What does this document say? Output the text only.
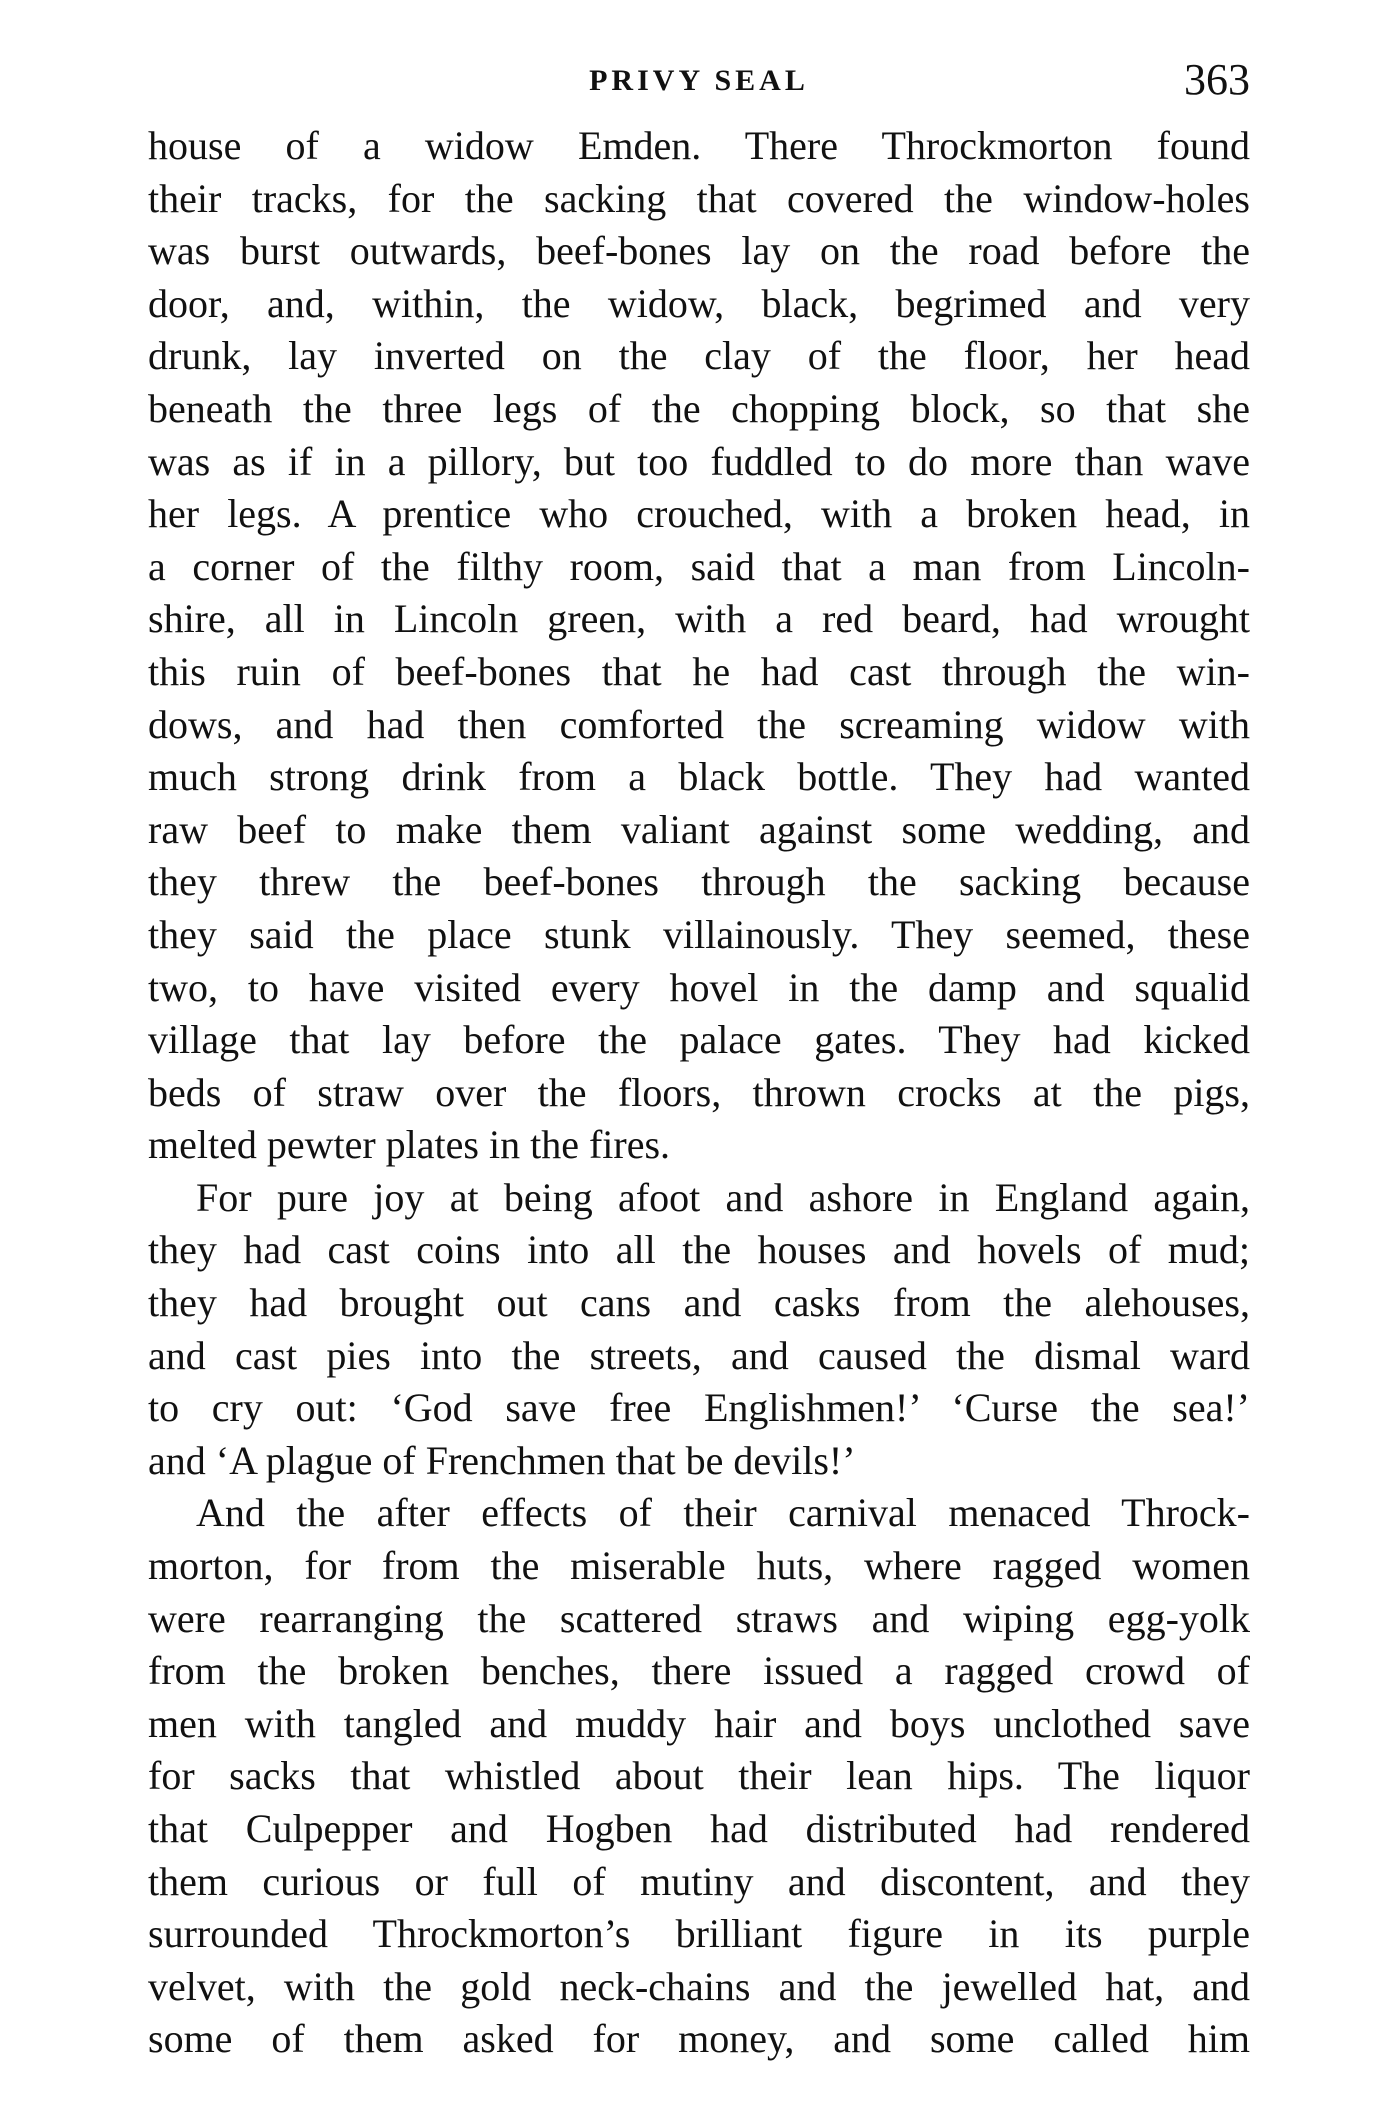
PRIVY SEAL	363
house of a widow Emden. There Throckmorton found
their tracks, for the sacking that covered the window-holes
was burst outwards, beef-bones lay on the road before the
door, and, within, the widow, black, begrimed and very
drunk, lay inverted on the clay of the floor, her head
beneath the three legs of the chopping block, so that she
was as if in a pillory, but too fuddled to do more than wave
her legs. A prentice who crouched, with a broken head, in
a corner of the filthy room, said that a man from Lincoln-
shire, all in Lincoln green, with a red beard, had wrought
this ruin of beef-bones that he had cast through the win-
dows, and had then comforted the screaming widow with
much strong drink from a black bottle. They had wanted
raw beef to make them valiant against some wedding, and
they threw the beef-bones through the sacking because
they said the place stunk villainously. They seemed, these
two, to have visited every hovel in the damp and squalid
village that lay before the palace gates. They had kicked
beds of straw over the floors, thrown crocks at the pigs,
melted pewter plates in the fires.
For pure joy at being afoot and ashore in England again,
they had cast coins into all the houses and hovels of mud;
they had brought out cans and casks from the alehouses,
and cast pies into the streets, and caused the dismal ward
to cry out: ‘God save free Englishmen!’ ‘Curse the sea!’
and ‘A plague of Frenchmen that be devils!’
And the after effects of their carnival menaced Throck-
morton, for from the miserable huts, where ragged women
were rearranging the scattered straws and wiping egg-yolk
from the broken benches, there issued a ragged crowd of
men with tangled and muddy hair and boys unclothed save
for sacks that whistled about their lean hips. The liquor
that Culpepper and Hogben had distributed had rendered
them curious or full of mutiny and discontent, and they
surrounded Throckmorton’s brilliant figure in its purple
velvet, with the gold neck-chains and the jewelled hat, and
some of them asked for money, and some called him
